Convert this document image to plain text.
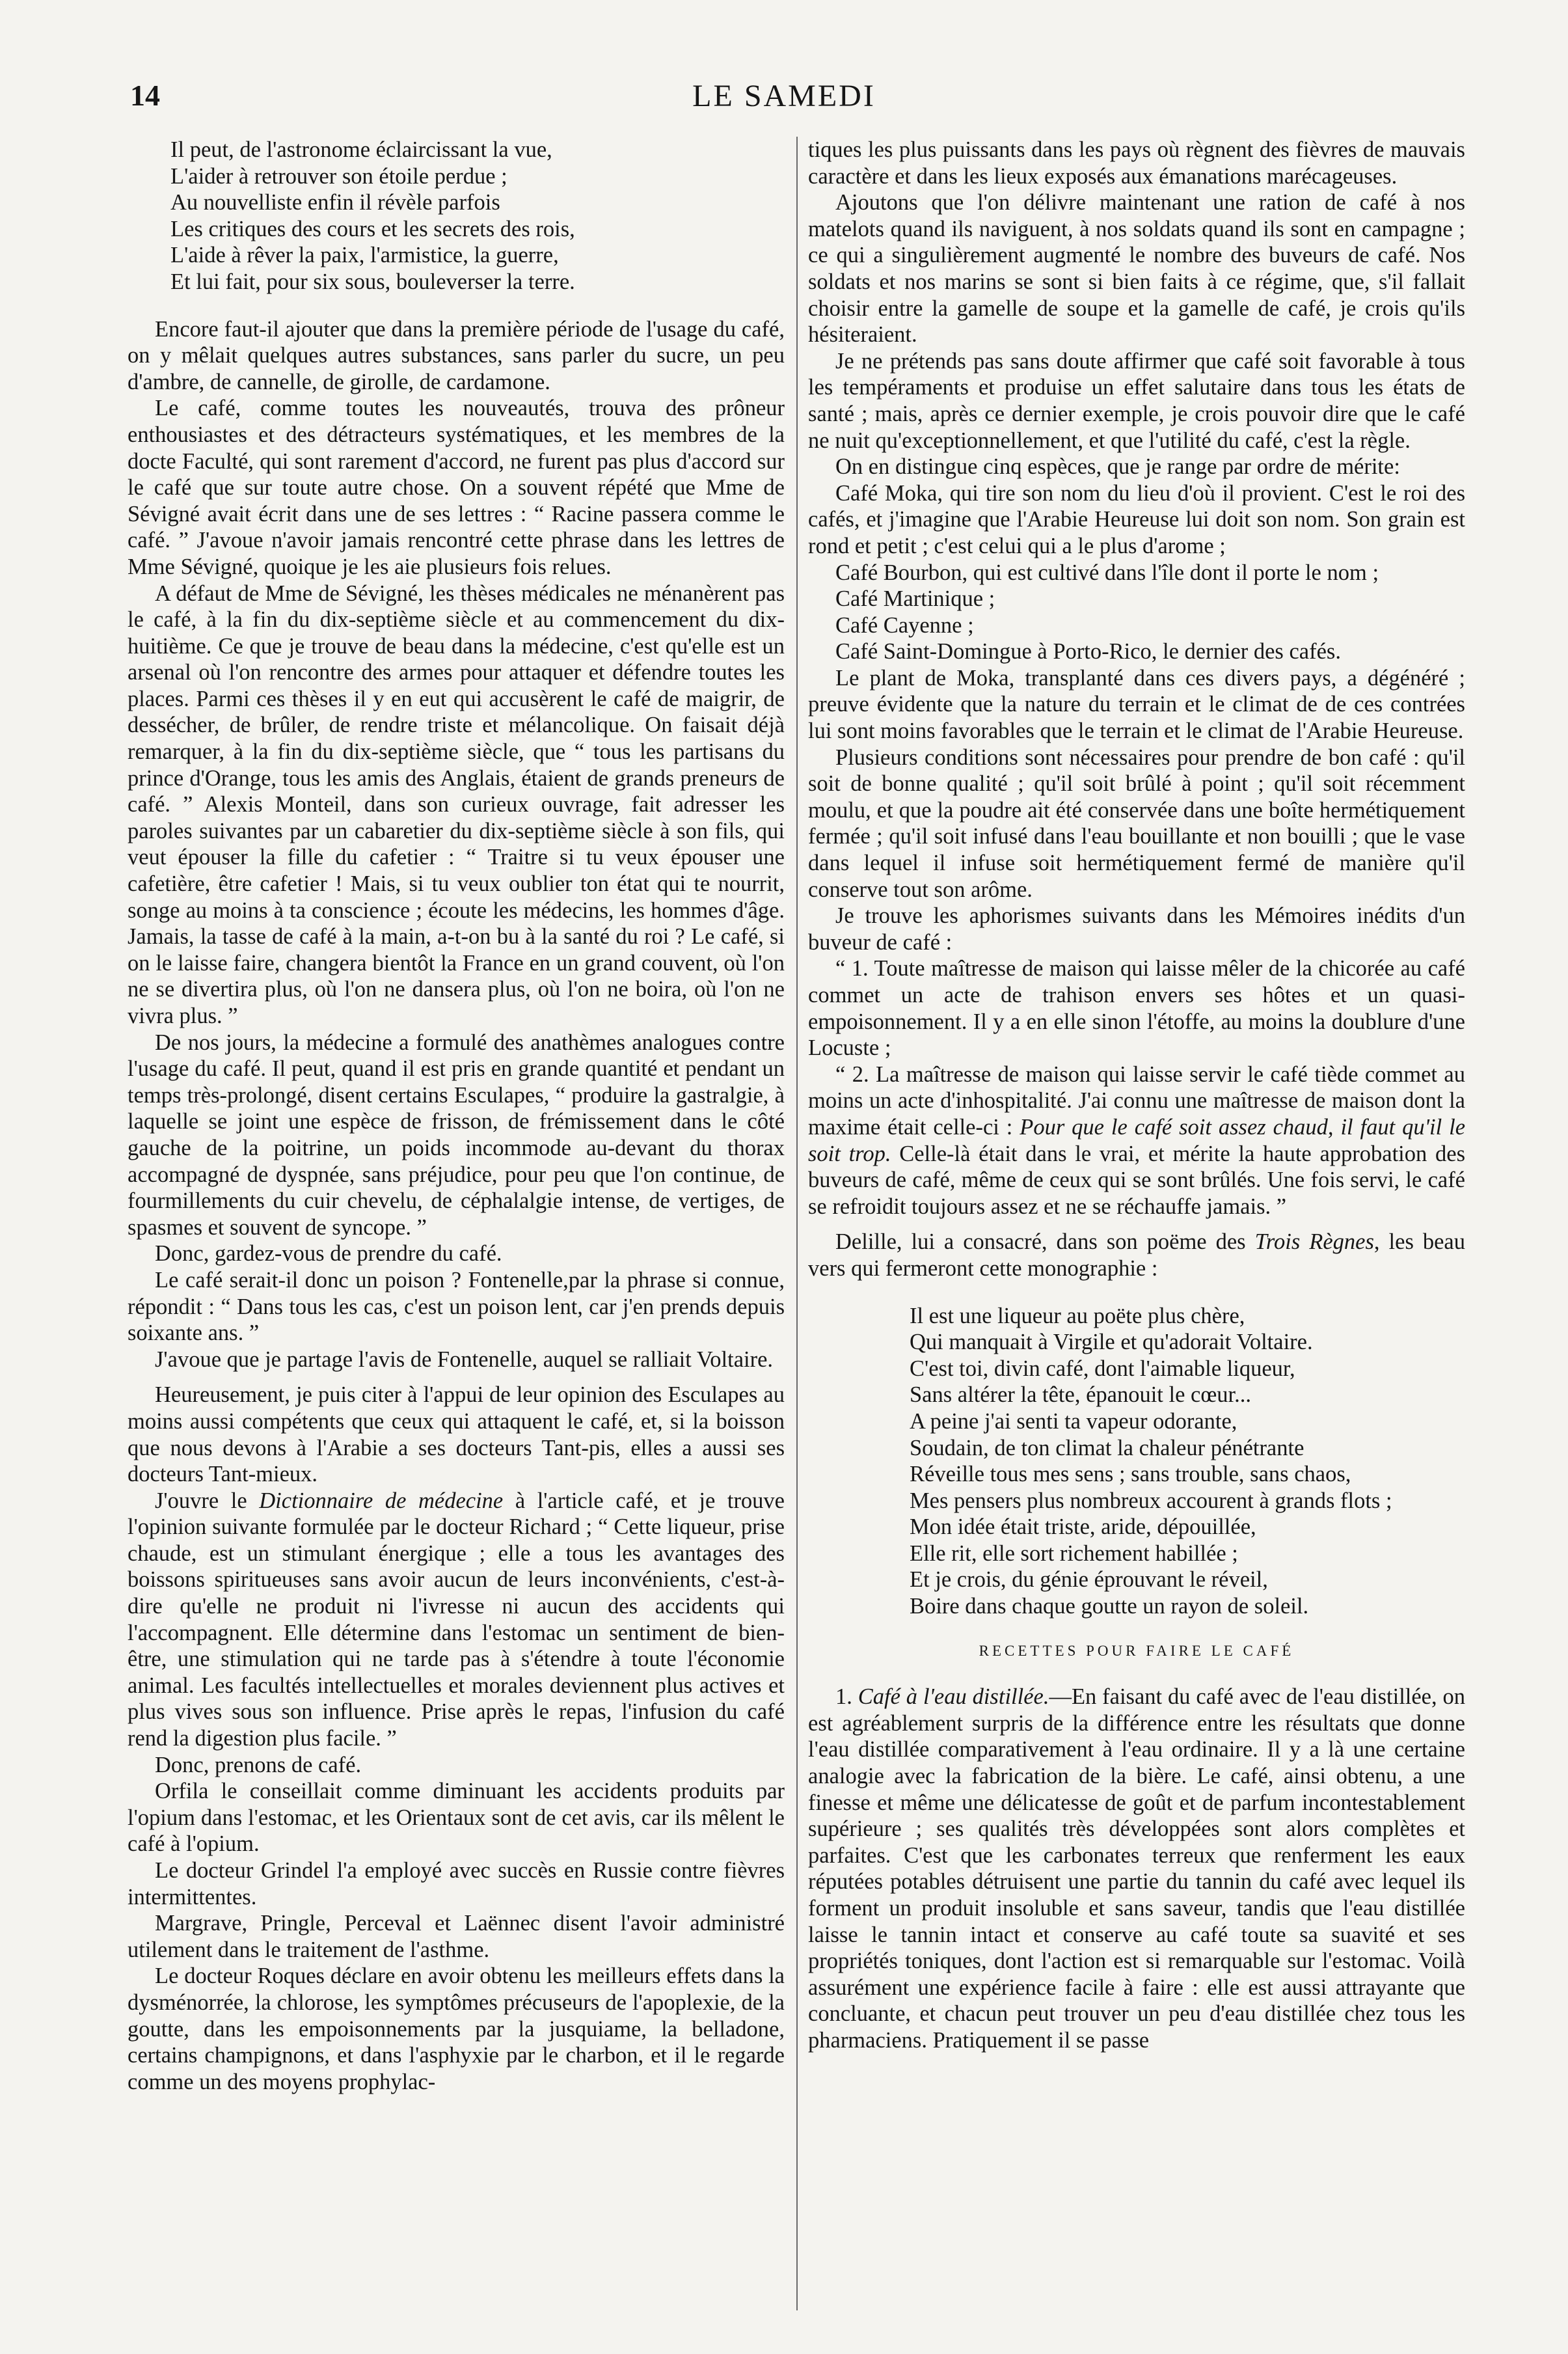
14	LE SAMEDI
Il peut, de l'astronome éclaircissant la vue,
L'aider à retrouver son étoile perdue ;
Au nouvelliste enfin il révèle parfois
Les critiques des cours et les secrets des rois,
L'aide à rêver la paix, l'armistice, la guerre,
Et lui fait, pour six sous, bouleverser la terre.

Encore faut-il ajouter que dans la première période de l'usage du café, on y mêlait quelques autres substances, sans parler du sucre, un peu d'ambre, de cannelle, de girolle, de cardamone.

Le café, comme toutes les nouveautés, trouva des prôneur enthousiastes et des détracteurs systématiques, et les membres de la docte Faculté, qui sont rarement d'accord, ne furent pas plus d'accord sur le café que sur toute autre chose. On a souvent répété que Mme de Sévigné avait écrit dans une de ses lettres : “ Racine passera comme le café. ” J'avoue n'avoir jamais rencontré cette phrase dans les lettres de Mme Sévigné, quoique je les aie plusieurs fois relues.

A défaut de Mme de Sévigné, les thèses médicales ne ménanèrent pas le café, à la fin du dix-septième siècle et au commencement du dix-huitième. Ce que je trouve de beau dans la médecine, c'est qu'elle est un arsenal où l'on rencontre des armes pour attaquer et défendre toutes les places. Parmi ces thèses il y en eut qui accusèrent le café de maigrir, de dessécher, de brûler, de rendre triste et mélancolique. On faisait déjà remarquer, à la fin du dix-septième siècle, que “ tous les partisans du prince d'Orange, tous les amis des Anglais, étaient de grands preneurs de café. ” Alexis Monteil, dans son curieux ouvrage, fait adresser les paroles suivantes par un cabaretier du dix-septième siècle à son fils, qui veut épouser la fille du cafetier : “ Traitre si tu veux épouser une cafetière, être cafetier ! Mais, si tu veux oublier ton état qui te nourrit, songe au moins à ta conscience ; écoute les médecins, les hommes d'âge. Jamais, la tasse de café à la main, a-t-on bu à la santé du roi ? Le café, si on le laisse faire, changera bientôt la France en un grand couvent, où l'on ne se divertira plus, où l'on ne dansera plus, où l'on ne boira, où l'on ne vivra plus. ”

De nos jours, la médecine a formulé des anathèmes analogues contre l'usage du café. Il peut, quand il est pris en grande quantité et pendant un temps très-prolongé, disent certains Esculapes, “ produire la gastralgie, à laquelle se joint une espèce de frisson, de frémissement dans le côté gauche de la poitrine, un poids incommode au-devant du thorax accompagné de dyspnée, sans préjudice, pour peu que l'on continue, de fourmillements du cuir chevelu, de céphalalgie intense, de vertiges, de spasmes et souvent de syncope. ”

Donc, gardez-vous de prendre du café.

Le café serait-il donc un poison ? Fontenelle,par la phrase si connue, répondit : “ Dans tous les cas, c'est un poison lent, car j'en prends depuis soixante ans. ”

J'avoue que je partage l'avis de Fontenelle, auquel se ralliait Voltaire.

Heureusement, je puis citer à l'appui de leur opinion des Esculapes au moins aussi compétents que ceux qui attaquent le café, et, si la boisson que nous devons à l'Arabie a ses docteurs Tant-pis, elles a aussi ses docteurs Tant-mieux.

J'ouvre le Dictionnaire de médecine à l'article café, et je trouve l'opinion suivante formulée par le docteur Richard ; “ Cette liqueur, prise chaude, est un stimulant énergique ; elle a tous les avantages des boissons spiritueuses sans avoir aucun de leurs inconvénients, c'est-à-dire qu'elle ne produit ni l'ivresse ni aucun des accidents qui l'accompagnent. Elle détermine dans l'estomac un sentiment de bien-être, une stimulation qui ne tarde pas à s'étendre à toute l'économie animal. Les facultés intellectuelles et morales deviennent plus actives et plus vives sous son influence. Prise après le repas, l'infusion du café rend la digestion plus facile. ”

Donc, prenons de café.

Orfila le conseillait comme diminuant les accidents produits par l'opium dans l'estomac, et les Orientaux sont de cet avis, car ils mêlent le café à l'opium.

Le docteur Grindel l'a employé avec succès en Russie contre fièvres intermittentes.

Margrave, Pringle, Perceval et Laënnec disent l'avoir administré utilement dans le traitement de l'asthme.

Le docteur Roques déclare en avoir obtenu les meilleurs effets dans la dysménorrée, la chlorose, les symptômes précuseurs de l'apoplexie, de la goutte, dans les empoisonnements par la jusquiame, la belladone, certains champignons, et dans l'asphyxie par le charbon, et il le regarde comme un des moyens prophylac-

tiques les plus puissants dans les pays où règnent des fièvres de mauvais caractère et dans les lieux exposés aux émanations marécageuses.

Ajoutons que l'on délivre maintenant une ration de café à nos matelots quand ils naviguent, à nos soldats quand ils sont en campagne ; ce qui a singulièrement augmenté le nombre des buveurs de café. Nos soldats et nos marins se sont si bien faits à ce régime, que, s'il fallait choisir entre la gamelle de soupe et la gamelle de café, je crois qu'ils hésiteraient.

Je ne prétends pas sans doute affirmer que café soit favorable à tous les tempéraments et produise un effet salutaire dans tous les états de santé ; mais, après ce dernier exemple, je crois pouvoir dire que le café ne nuit qu'exceptionnellement, et que l'utilité du café, c'est la règle.

On en distingue cinq espèces, que je range par ordre de mérite:

Café Moka, qui tire son nom du lieu d'où il provient. C'est le roi des cafés, et j'imagine que l'Arabie Heureuse lui doit son nom. Son grain est rond et petit ; c'est celui qui a le plus d'arome ;

Café Bourbon, qui est cultivé dans l'île dont il porte le nom ;

Café Martinique ;

Café Cayenne ;

Café Saint-Domingue à Porto-Rico, le dernier des cafés.

Le plant de Moka, transplanté dans ces divers pays, a dégénéré ; preuve évidente que la nature du terrain et le climat de de ces contrées lui sont moins favorables que le terrain et le climat de l'Arabie Heureuse.

Plusieurs conditions sont nécessaires pour prendre de bon café : qu'il soit de bonne qualité ; qu'il soit brûlé à point ; qu'il soit récemment moulu, et que la poudre ait été conservée dans une boîte hermétiquement fermée ; qu'il soit infusé dans l'eau bouillante et non bouilli ; que le vase dans lequel il infuse soit hermétiquement fermé de manière qu'il conserve tout son arôme.

Je trouve les aphorismes suivants dans les Mémoires inédits d'un buveur de café :

“ 1. Toute maîtresse de maison qui laisse mêler de la chicorée au café commet un acte de trahison envers ses hôtes et un quasi-empoisonnement. Il y a en elle sinon l'étoffe, au moins la doublure d'une Locuste ;

“ 2. La maîtresse de maison qui laisse servir le café tiède commet au moins un acte d'inhospitalité. J'ai connu une maîtresse de maison dont la maxime était celle-ci : Pour que le café soit assez chaud, il faut qu'il le soit trop. Celle-là était dans le vrai, et mérite la haute approbation des buveurs de café, même de ceux qui se sont brûlés. Une fois servi, le café se refroidit toujours assez et ne se réchauffe jamais. ”

Delille, lui a consacré, dans son poëme des Trois Règnes, les beau vers qui fermeront cette monographie :

Il est une liqueur au poëte plus chère,
Qui manquait à Virgile et qu'adorait Voltaire.
C'est toi, divin café, dont l'aimable liqueur,
Sans altérer la tête, épanouit le cœur...
A peine j'ai senti ta vapeur odorante,
Soudain, de ton climat la chaleur pénétrante
Réveille tous mes sens ; sans trouble, sans chaos,
Mes pensers plus nombreux accourent à grands flots ;
Mon idée était triste, aride, dépouillée,
Elle rit, elle sort richement habillée ;
Et je crois, du génie éprouvant le réveil,
Boire dans chaque goutte un rayon de soleil.
RECETTES POUR FAIRE LE CAFÉ

1. Café à l'eau distillée.—En faisant du café avec de l'eau distillée, on est agréablement surpris de la différence entre les résultats que donne l'eau distillée comparativement à l'eau ordinaire. Il y a là une certaine analogie avec la fabrication de la bière. Le café, ainsi obtenu, a une finesse et même une délicatesse de goût et de parfum incontestablement supérieure ; ses qualités très développées sont alors complètes et parfaites. C'est que les carbonates terreux que renferment les eaux réputées potables détruisent une partie du tannin du café avec lequel ils forment un produit insoluble et sans saveur, tandis que l'eau distillée laisse le tannin intact et conserve au café toute sa suavité et ses propriétés toniques, dont l'action est si remarquable sur l'estomac. Voilà assurément une expérience facile à faire : elle est aussi attrayante que concluante, et chacun peut trouver un peu d'eau distillée chez tous les pharmaciens. Pratiquement il se passe
